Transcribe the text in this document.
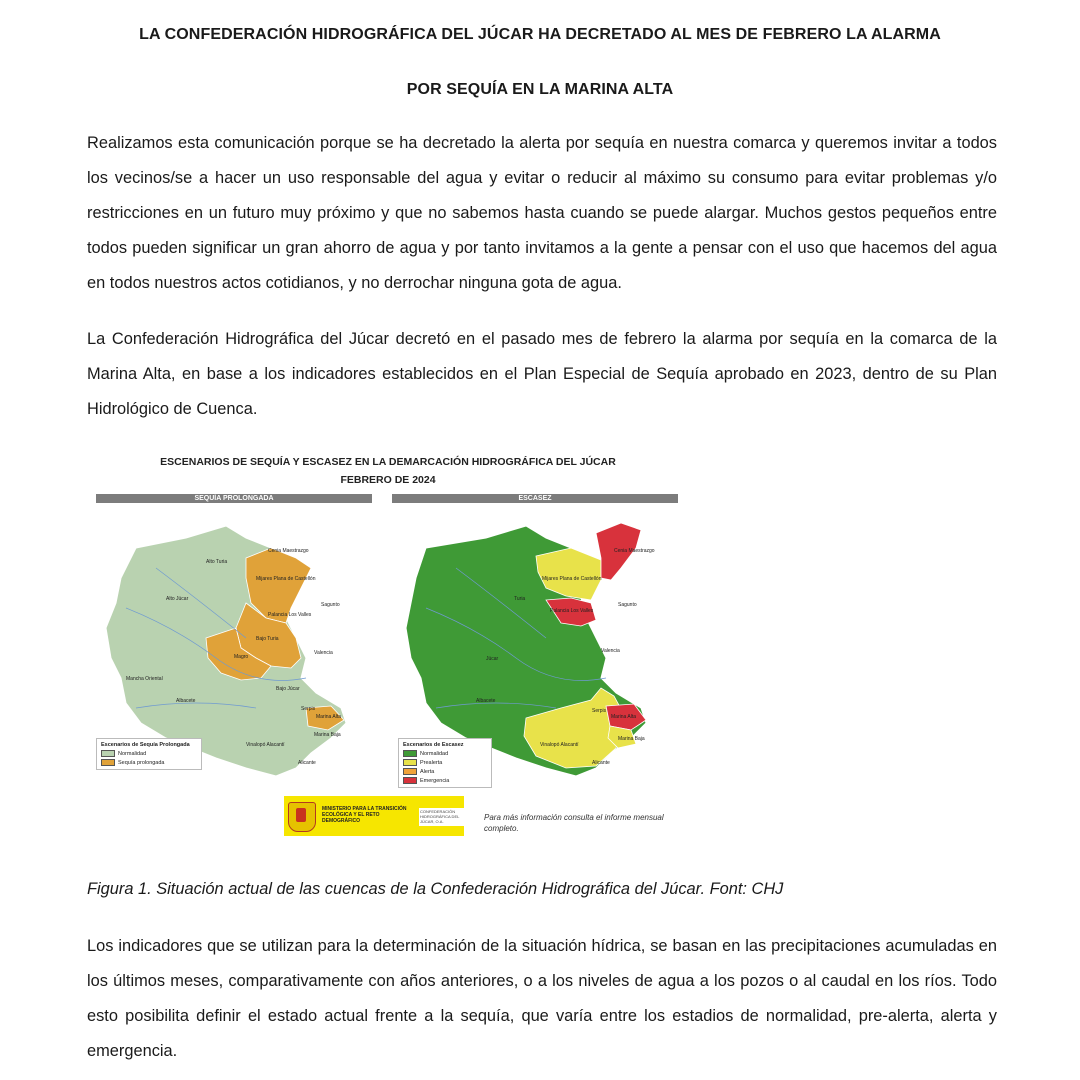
LA CONFEDERACIÓN HIDROGRÁFICA DEL JÚCAR HA DECRETADO AL MES DE FEBRERO LA ALARMA
POR SEQUÍA EN LA MARINA ALTA

Realizamos esta comunicación porque se ha decretado la alerta por sequía en nuestra comarca y queremos invitar a todos los vecinos/se a hacer un uso responsable del agua y evitar o reducir al máximo su consumo para evitar problemas y/o restricciones en un futuro muy próximo y que no sabemos hasta cuando se puede alargar. Muchos gestos pequeños entre todos pueden significar un gran ahorro de agua y por tanto invitamos a la gente a pensar con el uso que hacemos del agua en todos nuestros actos cotidianos, y no derrochar ninguna gota de agua.

La Confederación Hidrográfica del Júcar decretó en el pasado mes de febrero la alarma por sequía en la comarca de la Marina Alta, en base a los indicadores establecidos en el Plan Especial de Sequía aprobado en 2023, dentro de su Plan Hidrológico de Cuenca.

ESCENARIOS DE SEQUÍA Y ESCASEZ EN LA DEMARCACIÓN HIDROGRÁFICA DEL JÚCAR
FEBRERO DE 2024
SEQUÍA PROLONGADA	ESCASEZ
Cenia Maestrazgo
Mijares Plana de Castellón
Alto Turia
Alto Júcar
Palancia Los Valles
Sagunto
Bajo Turia
Valencia
Magro
Mancha Oriental
Bajo Júcar
Vinalopó Alacantí
Serpis
Marina Alta
Marina Baja
Alicante
Albacete
Escenarios de Sequía Prolongada
Normalidad
Sequía prolongada
Cenia Maestrazgo
Mijares Plana de Castellón
Turia
Palancia Los Valles
Sagunto
Valencia
Júcar
Albacete
Serpis
Marina Alta
Marina Baja
Vinalopó Alacantí
Alicante
Escenarios de Escasez
Normalidad
Prealerta
Alerta
Emergencia
MINISTERIO PARA LA TRANSICIÓN ECOLÓGICA Y EL RETO DEMOGRÁFICO
CONFEDERACIÓN HIDROGRÁFICA DEL JÚCAR, O.A.	Para más información consulta el informe mensual completo.
Figura 1. Situación actual de las cuencas de la Confederación Hidrográfica del Júcar. Font: CHJ

Los indicadores que se utilizan para la determinación de la situación hídrica, se basan en las precipitaciones acumuladas en los últimos meses, comparativamente con años anteriores, o a los niveles de agua a los pozos o al caudal en los ríos. Todo esto posibilita definir el estado actual frente a la sequía, que varía entre los estadios de normalidad, pre-alerta, alerta y emergencia.
